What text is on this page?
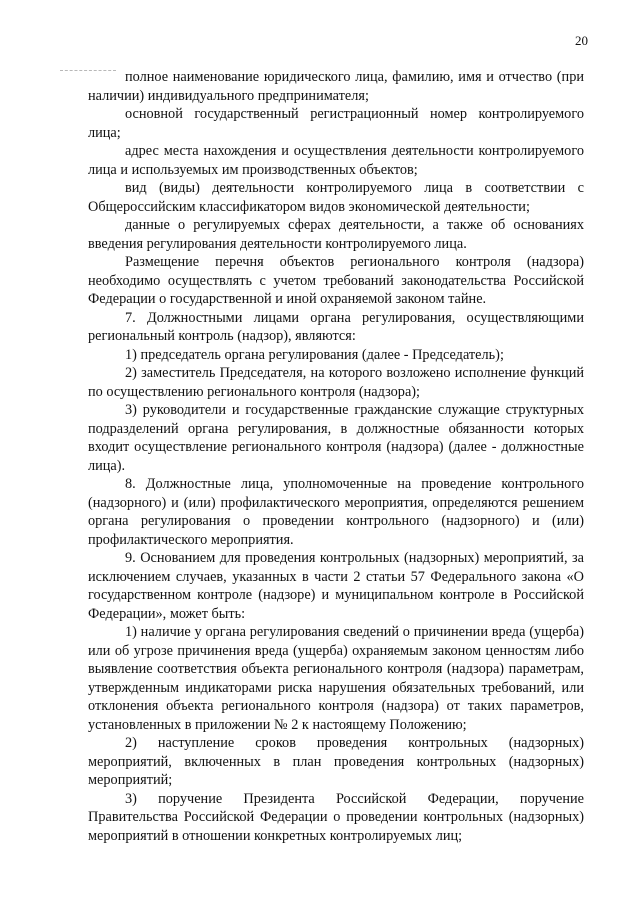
20

полное наименование юридического лица, фамилию, имя и отчество (при наличии) индивидуального предпринимателя;

основной государственный регистрационный номер контролируемого лица;

адрес места нахождения и осуществления деятельности контролируемого лица и используемых им производственных объектов;

вид (виды) деятельности контролируемого лица в соответствии с Общероссийским классификатором видов экономической деятельности;

данные о регулируемых сферах деятельности, а также об основаниях введения регулирования деятельности контролируемого лица.

Размещение перечня объектов регионального контроля (надзора) необходимо осуществлять с учетом требований законодательства Российской Федерации о государственной и иной охраняемой законом тайне.

7. Должностными лицами органа регулирования, осуществляющими региональный контроль (надзор), являются:

1) председатель органа регулирования (далее - Председатель);

2) заместитель Председателя, на которого возложено исполнение функций по осуществлению регионального контроля (надзора);

3) руководители и государственные гражданские служащие структурных подразделений органа регулирования, в должностные обязанности которых входит осуществление регионального контроля (надзора) (далее - должностные лица).

8. Должностные лица, уполномоченные на проведение контрольного (надзорного) и (или) профилактического мероприятия, определяются решением органа регулирования о проведении контрольного (надзорного) и (или) профилактического мероприятия.

9. Основанием для проведения контрольных (надзорных) мероприятий, за исключением случаев, указанных в части 2 статьи 57 Федерального закона «О государственном контроле (надзоре) и муниципальном контроле в Российской Федерации», может быть:

1) наличие у органа регулирования сведений о причинении вреда (ущерба) или об угрозе причинения вреда (ущерба) охраняемым законом ценностям либо выявление соответствия объекта регионального контроля (надзора) параметрам, утвержденным индикаторами риска нарушения обязательных требований, или отклонения объекта регионального контроля (надзора) от таких параметров, установленных в приложении № 2 к настоящему Положению;

2) наступление сроков проведения контрольных (надзорных) мероприятий, включенных в план проведения контрольных (надзорных) мероприятий;

3) поручение Президента Российской Федерации, поручение Правительства Российской Федерации о проведении контрольных (надзорных) мероприятий в отношении конкретных контролируемых лиц;
